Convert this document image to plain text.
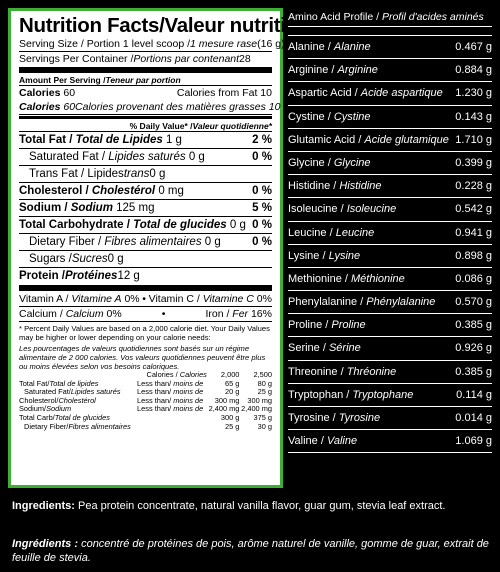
Nutrition Facts/Valeur nutritive
Serving Size / Portion 1 level scoop / 1 mesure rase (16 g)
Servings Per Container / Portions par contenant 28
Amount Per Serving / Teneur par portion
Calories 60	Calories from Fat 10
Calories 60 Calories provenant des matières grasses 10
% Daily Value* / Valeur quotidienne*
Total Fat / Total de Lipides 1 g	2 %
Saturated Fat / Lipides saturés 0 g	0 %
Trans Fat / Lipides trans 0 g
Cholesterol / Cholestérol 0 mg	0 %
Sodium / Sodium 125 mg	5 %
Total Carbohydrate / Total de glucides 0 g 0 %
Dietary Fiber / Fibres alimentaires 0 g	0 %
Sugars / Sucres 0 g
Protein / Protéines 12 g
Vitamin A / Vitamine A 0% • Vitamin C / Vitamine C 0%
Calcium / Calcium 0%	•	Iron / Fer 16%
* Percent Daily Values are based on a 2,000 calorie diet. Your Daily Values may be higher or lower depending on your calorie needs:
Les pourcentages de valeurs quotidiennes sont basés sur un régime alimentaire de 2 000 calories. Vos valeurs quotidiennes peuvent être plus ou moins élevées selon vos besoins caloriques.
	Calories / Calories	2,000	2,500
Total Fat/Total de lipides	Less than/ moins de	65 g	80 g
Saturated Fat/Lipides saturés	Less than/ moins de	20 g	25 g
Cholesterol/Cholestérol	Less than/ moins de	300 mg	300 mg
Sodium/Sodium	Less than/ moins de	2,400 mg	2,400 mg
Total Carb/Total de glucides		300 g	375 g
Dietary Fiber/Fibres alimentaires		25 g	30 g
Amino Acid Profile / Profil d'acides aminés
Alanine / Alanine	0.467 g
Arginine / Arginine	0.884 g
Aspartic Acid / Acide aspartique 1.230 g
Cystine / Cystine	0.143 g
Glutamic Acid / Acide glutamique 1.710 g
Glycine / Glycine	0.399 g
Histidine / Histidine	0.228 g
Isoleucine / Isoleucine	0.542 g
Leucine / Leucine	0.941 g
Lysine / Lysine	0.898 g
Methionine / Méthionine	0.086 g
Phenylalanine / Phénylalanine 0.570 g
Proline / Proline	0.385 g
Serine / Sérine	0.926 g
Threonine / Thréonine	0.385 g
Tryptophan / Tryptophane	0.114 g
Tyrosine / Tyrosine	0.014 g
Valine / Valine	1.069 g
Ingredients: Pea protein concentrate, natural vanilla flavor, guar gum, stevia leaf extract.
Ingrédients : concentré de protéines de pois, arôme naturel de vanille, gomme de guar, extrait de feuille de stevia.
